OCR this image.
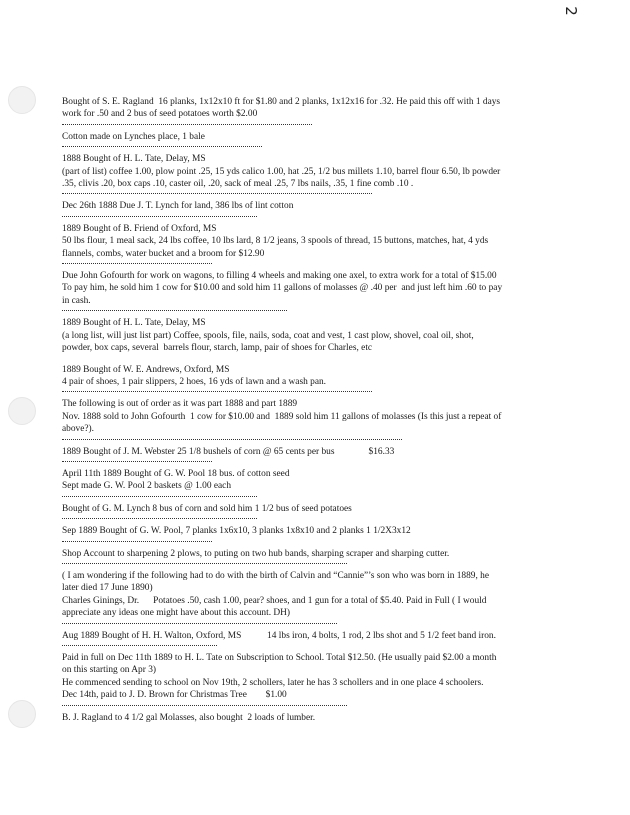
2
Bought of S. E. Ragland  16 planks, 1x12x10 ft for $1.80 and 2 planks, 1x12x16 for .32. He paid this off with 1 days
work for .50 and 2 bus of seed potatoes worth $2.00
Cotton made on Lynches place, 1 bale
1888 Bought of H. L. Tate, Delay, MS
(part of list) coffee 1.00, plow point .25, 15 yds calico 1.00, hat .25, 1/2 bus millets 1.10, barrel flour 6.50, lb powder
.35, clivis .20, box caps .10, caster oil, .20, sack of meal .25, 7 lbs nails, .35, 1 fine comb .10 .
Dec 26th 1888 Due J. T. Lynch for land, 386 lbs of lint cotton
1889 Bought of B. Friend of Oxford, MS
50 lbs flour, 1 meal sack, 24 lbs coffee, 10 lbs lard, 8 1/2 jeans, 3 spools of thread, 15 buttons, matches, hat, 4 yds
flannels, combs, water bucket and a broom for $12.90
Due John Gofourth for work on wagons, to filling 4 wheels and making one axel, to extra work for a total of $15.00
To pay him, he sold him 1 cow for $10.00 and sold him 11 gallons of molasses @ .40 per  and just left him .60 to pay
in cash.
1889 Bought of H. L. Tate, Delay, MS
(a long list, will just list part) Coffee, spools, file, nails, soda, coat and vest, 1 cast plow, shovel, coal oil, shot,
powder, box caps, several  barrels flour, starch, lamp, pair of shoes for Charles, etc
1889 Bought of W. E. Andrews, Oxford, MS
4 pair of shoes, 1 pair slippers, 2 hoes, 16 yds of lawn and a wash pan.
The following is out of order as it was part 1888 and part 1889
Nov. 1888 sold to John Gofourth  1 cow for $10.00 and  1889 sold him 11 gallons of molasses (Is this just a repeat of
above?).
1889 Bought of J. M. Webster 25 1/8 bushels of corn @ 65 cents per bus	$16.33
April 11th 1889 Bought of G. W. Pool 18 bus. of cotton seed
Sept made G. W. Pool 2 baskets @ 1.00 each
Bought of G. M. Lynch 8 bus of corn and sold him 1 1/2 bus of seed potatoes
Sep 1889 Bought of G. W. Pool, 7 planks 1x6x10, 3 planks 1x8x10 and 2 planks 1 1/2X3x12
Shop Account to sharpening 2 plows, to puting on two hub bands, sharping scraper and sharping cutter.
( I am wondering if the following had to do with the birth of Calvin and “Cannie”’s son who was born in 1889, he
later died 17 June 1890)
Charles Ginings, Dr.      Potatoes .50, cash 1.00, pear? shoes, and 1 gun for a total of $5.40. Paid in Full ( I would
appreciate any ideas one might have about this account. DH)
Aug 1889 Bought of H. H. Walton, Oxford, MS           14 lbs iron, 4 bolts, 1 rod, 2 lbs shot and 5 1/2 feet band iron.
Paid in full on Dec 11th 1889 to H. L. Tate on Subscription to School. Total $12.50. (He usually paid $2.00 a month
on this starting on Apr 3)
He commenced sending to school on Nov 19th, 2 schollers, later he has 3 schollers and in one place 4 schoolers.
Dec 14th, paid to J. D. Brown for Christmas Tree        $1.00
B. J. Ragland to 4 1/2 gal Molasses, also bought  2 loads of lumber.
